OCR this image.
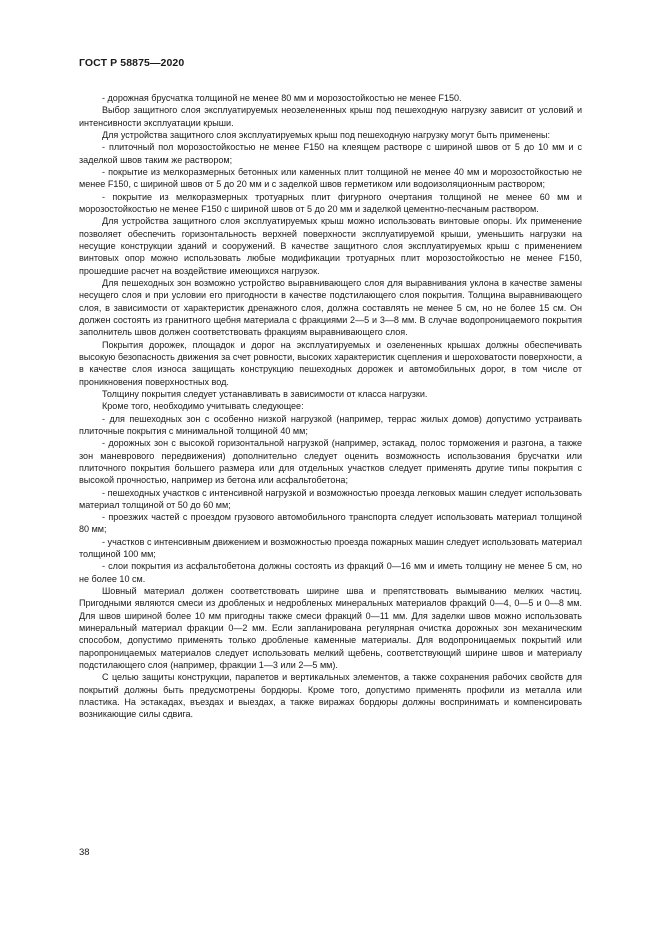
ГОСТ Р 58875—2020

- дорожная брусчатка толщиной не менее 80 мм и морозостойкостью не менее F150.

Выбор защитного слоя эксплуатируемых неозелененных крыш под пешеходную нагрузку зависит от условий и интенсивности эксплуатации крыши.

Для устройства защитного слоя эксплуатируемых крыш под пешеходную нагрузку могут быть применены:

- плиточный пол морозостойкостью не менее F150 на клеящем растворе с шириной швов от 5 до 10 мм и с заделкой швов таким же раствором;

- покрытие из мелкоразмерных бетонных или каменных плит толщиной не менее 40 мм и морозостойкостью не менее F150, с шириной швов от 5 до 20 мм и с заделкой швов герметиком или водоизоляционным раствором;

- покрытие из мелкоразмерных тротуарных плит фигурного очертания толщиной не менее 60 мм и морозостойкостью не менее F150 с шириной швов от 5 до 20 мм и заделкой цементно-песчаным раствором.

Для устройства защитного слоя эксплуатируемых крыш можно использовать винтовые опоры. Их применение позволяет обеспечить горизонтальность верхней поверхности эксплуатируемой крыши, уменьшить нагрузки на несущие конструкции зданий и сооружений. В качестве защитного слоя эксплуатируемых крыш с применением винтовых опор можно использовать любые модификации тротуарных плит морозостойкостью не менее F150, прошедшие расчет на воздействие имеющихся нагрузок.

Для пешеходных зон возможно устройство выравнивающего слоя для выравнивания уклона в качестве замены несущего слоя и при условии его пригодности в качестве подстилающего слоя покрытия. Толщина выравнивающего слоя, в зависимости от характеристик дренажного слоя, должна составлять не менее 5 см, но не более 15 см. Он должен состоять из гранитного щебня материала с фракциями 2—5 и 3—8 мм. В случае водопроницаемого покрытия заполнитель швов должен соответствовать фракциям выравнивающего слоя.

Покрытия дорожек, площадок и дорог на эксплуатируемых и озелененных крышах должны обеспечивать высокую безопасность движения за счет ровности, высоких характеристик сцепления и шероховатости поверхности, а в качестве слоя износа защищать конструкцию пешеходных дорожек и автомобильных дорог, в том числе от проникновения поверхностных вод.

Толщину покрытия следует устанавливать в зависимости от класса нагрузки.

Кроме того, необходимо учитывать следующее:

- для пешеходных зон с особенно низкой нагрузкой (например, террас жилых домов) допустимо устраивать плиточные покрытия с минимальной толщиной 40 мм;

- дорожных зон с высокой горизонтальной нагрузкой (например, эстакад, полос торможения и разгона, а также зон маневрового передвижения) дополнительно следует оценить возможность использования брусчатки или плиточного покрытия большего размера или для отдельных участков следует применять другие типы покрытия с высокой прочностью, например из бетона или асфальтобетона;

- пешеходных участков с интенсивной нагрузкой и возможностью проезда легковых машин следует использовать материал толщиной от 50 до 60 мм;

- проезжих частей с проездом грузового автомобильного транспорта следует использовать материал толщиной 80 мм;

- участков с интенсивным движением и возможностью проезда пожарных машин следует использовать материал толщиной 100 мм;

- слои покрытия из асфальтобетона должны состоять из фракций 0—16 мм и иметь толщину не менее 5 см, но не более 10 см.

Шовный материал должен соответствовать ширине шва и препятствовать вымыванию мелких частиц. Пригодными являются смеси из дробленых и недробленых минеральных материалов фракций 0—4, 0—5 и 0—8 мм. Для швов шириной более 10 мм пригодны также смеси фракций 0—11 мм. Для заделки швов можно использовать минеральный материал фракции 0—2 мм. Если запланирована регулярная очистка дорожных зон механическим способом, допустимо применять только дробленые каменные материалы. Для водопроницаемых покрытий или паропроницаемых материалов следует использовать мелкий щебень, соответствующий ширине швов и материалу подстилающего слоя (например, фракции 1—3 или 2—5 мм).

С целью защиты конструкции, парапетов и вертикальных элементов, а также сохранения рабочих свойств для покрытий должны быть предусмотрены бордюры. Кроме того, допустимо применять профили из металла или пластика. На эстакадах, въездах и выездах, а также виражах бордюры должны воспринимать и компенсировать возникающие силы сдвига.

38
